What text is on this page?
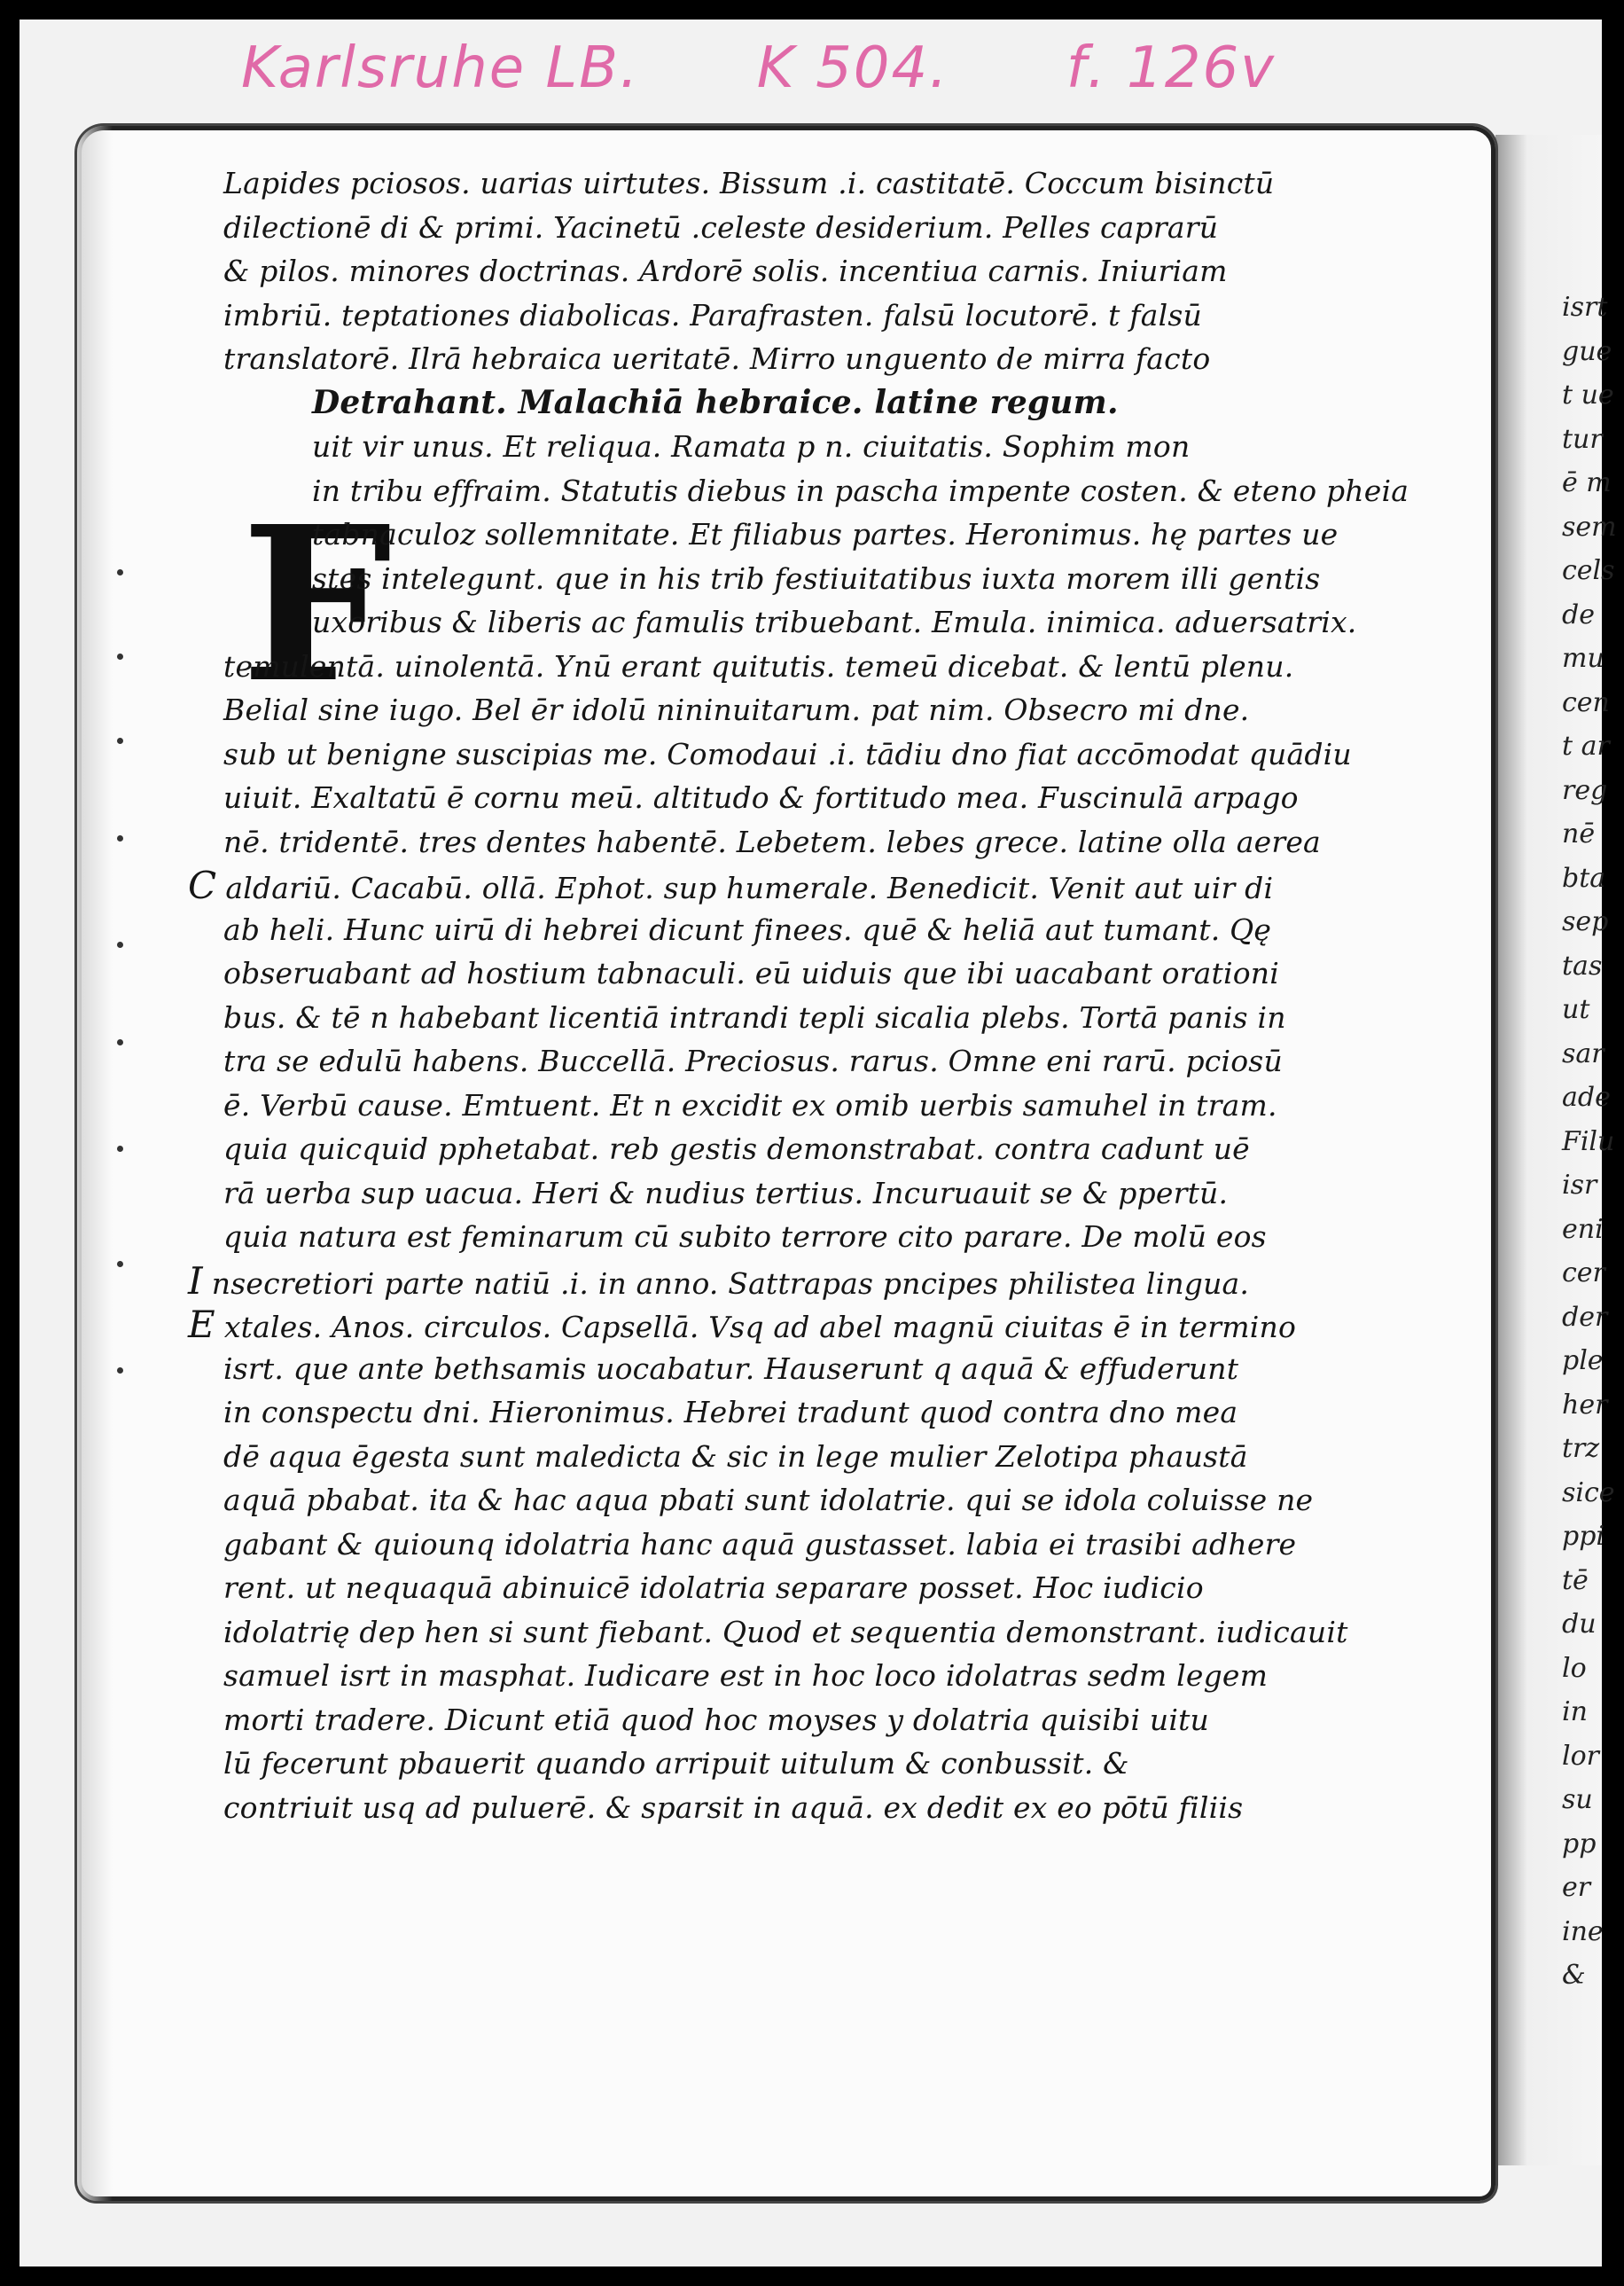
Karlsruhe LB. K 504. f. 126v
F

Lapides pciosos. uarias uirtutes. Bissum .i. castitatē. Coccum bisinctū

dilectionē di & primi. Yacinetū .celeste desiderium. Pelles caprarū

& pilos. minores doctrinas. Ardorē solis. incentiua carnis. Iniuriam

imbriū. teptationes diabolicas. Parafrasten. falsū locutorē. t falsū

translatorē. Ilrā hebraica ueritatē. Mirro unguento de mirra facto

Detrahant. Malachiā hebraice. latine regum.

uit vir unus. Et reliqua. Ramata p n. ciuitatis. Sophim mon

in tribu effraim. Statutis diebus in pascha impente costen. & eteno pheia

tabnaculoz sollemnitate. Et filiabus partes. Heronimus. hę partes ue

stes intelegunt. que in his trib festiuitatibus iuxta morem illi gentis

uxoribus & liberis ac famulis tribuebant. Emula. inimica. aduersatrix.

temulentā. uinolentā. Ynū erant quitutis. temeū dicebat. & lentū plenu.

Belial sine iugo. Bel ēr idolū nininuitarum. pat nim. Obsecro mi dne.

sub ut benigne suscipias me. Comodaui .i. tādiu dno fiat accōmodat quādiu

uiuit. Exaltatū ē cornu meū. altitudo & fortitudo mea. Fuscinulā arpago

nē. tridentē. tres dentes habentē. Lebetem. lebes grece. latine olla aerea

C aldariū. Cacabū. ollā. Ephot. sup humerale. Benedicit. Venit aut uir di

ab heli. Hunc uirū di hebrei dicunt finees. quē & heliā aut tumant. Qę

obseruabant ad hostium tabnaculi. eū uiduis que ibi uacabant orationi

bus. & tē n habebant licentiā intrandi tepli sicalia plebs. Tortā panis in

tra se edulū habens. Buccellā. Preciosus. rarus. Omne eni rarū. pciosū

ē. Verbū cause. Emtuent. Et n excidit ex omib uerbis samuhel in tram.

quia quicquid pphetabat. reb gestis demonstrabat. contra cadunt uē

rā uerba sup uacua. Heri & nudius tertius. Incuruauit se & ppertū.

quia natura est feminarum cū subito terrore cito parare. De molū eos

I nsecretiori parte natiū .i. in anno. Sattrapas pncipes philistea lingua.

E xtales. Anos. circulos. Capsellā. Vsq ad abel magnū ciuitas ē in termino

isrt. que ante bethsamis uocabatur. Hauserunt q aquā & effuderunt

in conspectu dni. Hieronimus. Hebrei tradunt quod contra dno mea

dē aqua ēgesta sunt maledicta & sic in lege mulier Zelotipa phaustā

aquā pbabat. ita & hac aqua pbati sunt idolatrie. qui se idola coluisse ne

gabant & quiounq idolatria hanc aquā gustasset. labia ei trasibi adhere

rent. ut nequaquā abinuicē idolatria separare posset. Hoc iudicio

idolatrię dep hen si sunt fiebant. Quod et sequentia demonstrant. iudicauit

samuel isrt in masphat. Iudicare est in hoc loco idolatras sedm legem

morti tradere. Dicunt etiā quod hoc moyses y dolatria quisibi uitu

lū fecerunt pbauerit quando arripuit uitulum & conbussit. &

contriuit usq ad puluerē. & sparsit in aquā. ex dedit ex eo pōtū filiis

isrt
gue
t ue
tur
ē m
sem
cels
de
mu
cen
t ar
reg
nē
bta
sep
tas
ut
sar
ade
Filu
isr
eni
cer
der
ple
her
trz
sice
ppi
tē
du
lo
in
lor
su
pp
er
ine
&
